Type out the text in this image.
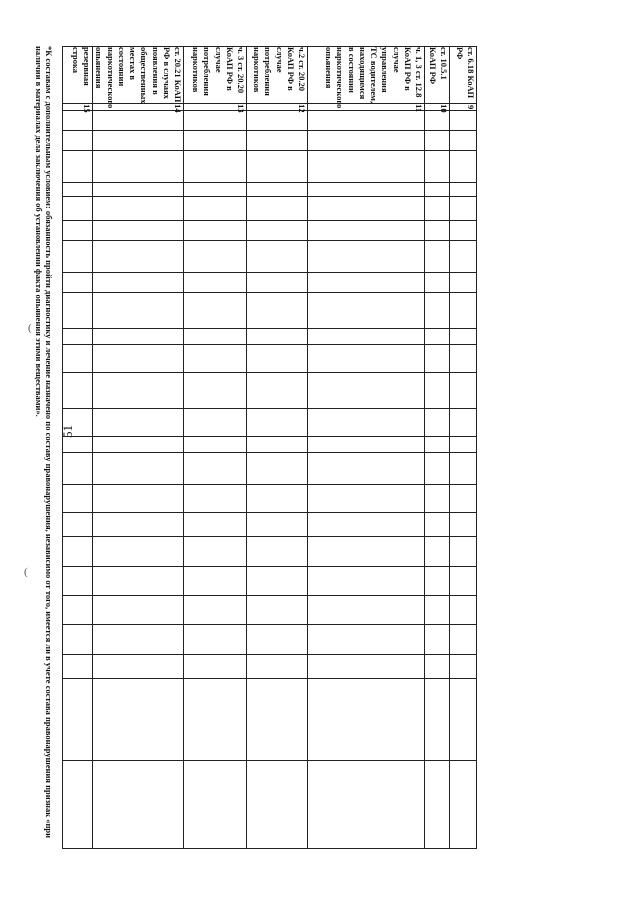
51
(
(
ст. 6.18 КоАП РФ	9																								
ст. 10.5.1 КоАП РФ	10																								
ч. 1, 3 ст. 12.8 КоАП РФ в случае управления ТС водителем, находящимся в состоянии наркотического опьянения	11																								
ч.2 ст. 20.20 КоАП РФ в случае потребления наркотиков	12																								
ч. 3 ст. 20.20 КоАП РФ в случае потребления наркотиков	13																								
ст. 20.21 КоАП РФ в случаях появления в общественных местах в состоянии наркотического опьянения	14																								
резервная строка	15																								
*К составам с дополнительным условием: обязанность пройти диагностику и лечение назначено по составу правонарушения, независимо от того, имеется ли в учете состава правонарушения признак «при наличии в материалах дела заключения об установлении факта опьянения этими веществами».
